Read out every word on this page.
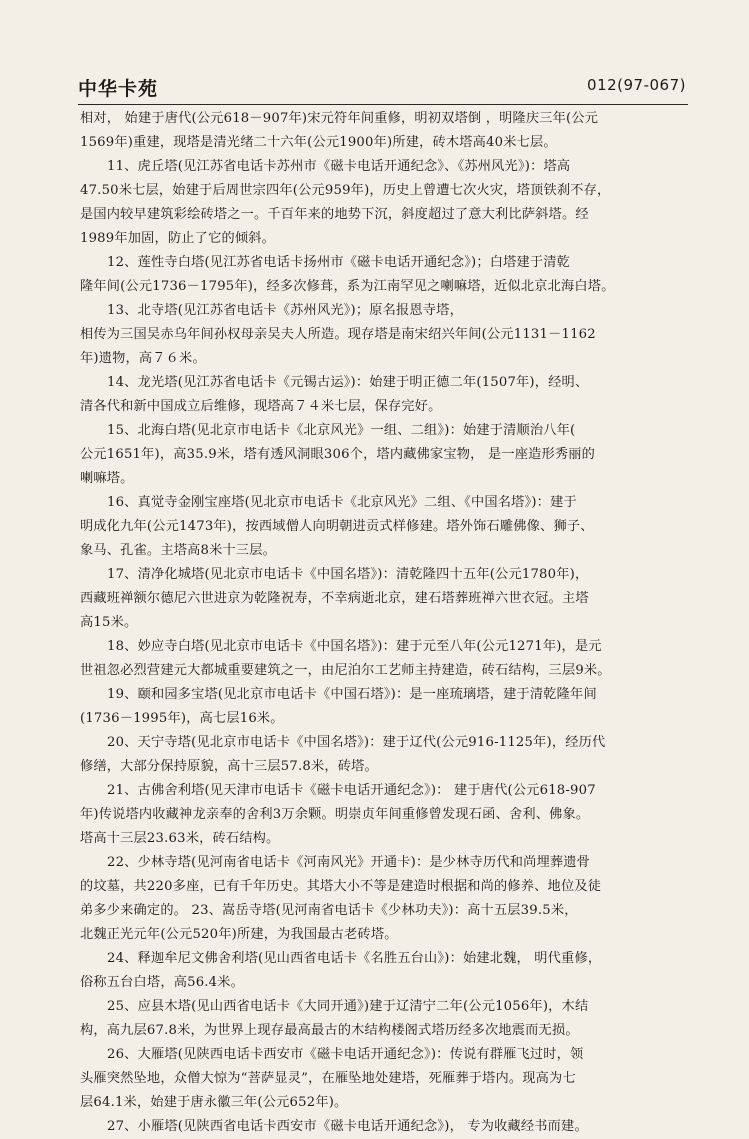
中华卡苑	012(97-067)
相对， 始建于唐代(公元618－907年)宋元符年间重修，明初双塔倒 ，明隆庆三年(公元
1569年)重建，现塔是清光绪二十六年(公元1900年)所建，砖木塔高40米七层。
11、虎丘塔(见江苏省电话卡苏州市《磁卡电话开通纪念》、《苏州风光》)：塔高
47.50米七层，始建于后周世宗四年(公元959年)，历史上曾遭七次火灾，塔顶铁刹不存，
是国内较早建筑彩绘砖塔之一。千百年来的地势下沉，斜度超过了意大利比萨斜塔。经
1989年加固，防止了它的倾斜。
12、莲性寺白塔(见江苏省电话卡扬州市《磁卡电话开通纪念》)；白塔建于清乾
隆年间(公元1736－1795年)，经多次修葺，系为江南罕见之喇嘛塔，近似北京北海白塔。
13、北寺塔(见江苏省电话卡《苏州风光》)；原名报恩寺塔，
相传为三国吴赤乌年间孙权母亲吴夫人所造。现存塔是南宋绍兴年间(公元1131－1162
年)遗物，高７６米。
14、龙光塔(见江苏省电话卡《元锡古运》)：始建于明正德二年(1507年)，经明、
清各代和新中国成立后维修，现塔高７４米七层，保存完好。
15、北海白塔(见北京市电话卡《北京风光》一组、二组》)：始建于清顺治八年(
公元1651年)，高35.9米，塔有透风洞眼306个，塔内藏佛家宝物， 是一座造形秀丽的
喇嘛塔。
16、真觉寺金刚宝座塔(见北京市电话卡《北京风光》二组、《中国名塔》)：建于
明成化九年(公元1473年)，按西域僧人向明朝进贡式样修建。塔外饰石雕佛像、狮子、
象马、孔雀。主塔高8米十三层。
17、清净化城塔(见北京市电话卡《中国名塔》)：清乾隆四十五年(公元1780年)，
西藏班禅额尔德尼六世进京为乾隆祝寿，不幸病逝北京，建石塔葬班禅六世衣冠。主塔
高15米。
18、妙应寺白塔(见北京市电话卡《中国名塔》)：建于元至八年(公元1271年)，是元
世祖忽必烈营建元大都城重要建筑之一，由尼泊尔工艺师主持建造，砖石结构，三层9米。
19、颐和园多宝塔(见北京市电话卡《中国石塔》)：是一座琉璃塔，建于清乾隆年间
(1736－1995年)，高七层16米。
20、天宁寺塔(见北京市电话卡《中国名塔》)：建于辽代(公元916-1125年)，经历代
修缮，大部分保持原貌，高十三层57.8米，砖塔。
21、古佛舍利塔(见天津市电话卡《磁卡电话开通纪念》)： 建于唐代(公元618-907
年)传说塔内收藏神龙亲奉的舍利3万余颗。明崇贞年间重修曾发现石函、舍利、佛象。
塔高十三层23.63米，砖石结构。
22、少林寺塔(见河南省电话卡《河南风光》开通卡)：是少林寺历代和尚埋葬遗骨
的坟墓，共220多座，已有千年历史。其塔大小不等是建造时根据和尚的修养、地位及徒
弟多少来确定的。 23、嵩岳寺塔(见河南省电话卡《少林功夫》)：高十五层39.5米，
北魏正光元年(公元520年)所建，为我国最古老砖塔。
24、释迦牟尼文佛舍利塔(见山西省电话卡《名胜五台山》)：始建北魏， 明代重修，
俗称五台白塔，高56.4米。
25、应县木塔(见山西省电话卡《大同开通》)建于辽清宁二年(公元1056年)，木结
构，高九层67.8米，为世界上现存最高最古的木结构楼阁式塔历经多次地震而无损。
26、大雁塔(见陕西电话卡西安市《磁卡电话开通纪念》)：传说有群雁飞过时，领
头雁突然坠地，众僧大惊为“菩萨显灵”，在雁坠地处建塔，死雁葬于塔内。现高为七
层64.1米，始建于唐永徽三年(公元652年)。
27、小雁塔(见陕西省电话卡西安市《磁卡电话开通纪念》)， 专为收藏经书而建。
